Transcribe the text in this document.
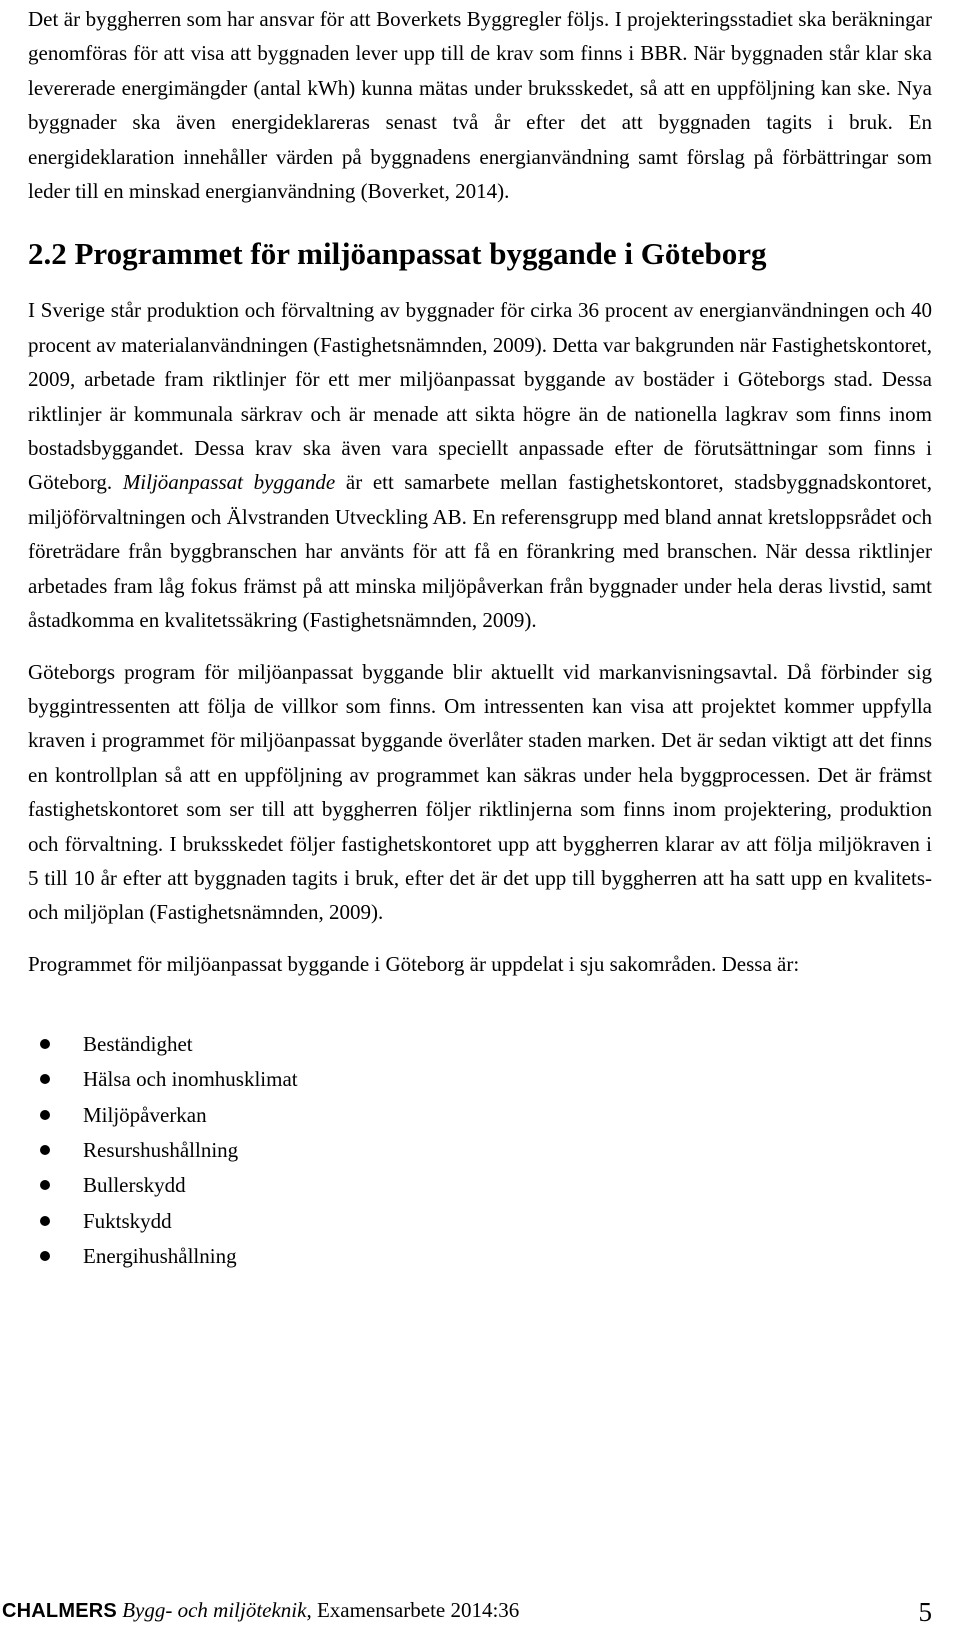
Det är byggherren som har ansvar för att Boverkets Byggregler följs. I projekteringsstadiet ska beräkningar genomföras för att visa att byggnaden lever upp till de krav som finns i BBR. När byggnaden står klar ska levererade energimängder (antal kWh) kunna mätas under bruksskedet, så att en uppföljning kan ske. Nya byggnader ska även energideklareras senast två år efter det att byggnaden tagits i bruk. En energideklaration innehåller värden på byggnadens energianvändning samt förslag på förbättringar som leder till en minskad energianvändning (Boverket, 2014).

2.2 Programmet för miljöanpassat byggande i Göteborg

I Sverige står produktion och förvaltning av byggnader för cirka 36 procent av energianvändningen och 40 procent av materialanvändningen (Fastighetsnämnden, 2009). Detta var bakgrunden när Fastighetskontoret, 2009, arbetade fram riktlinjer för ett mer miljöanpassat byggande av bostäder i Göteborgs stad. Dessa riktlinjer är kommunala särkrav och är menade att sikta högre än de nationella lagkrav som finns inom bostadsbyggandet. Dessa krav ska även vara speciellt anpassade efter de förutsättningar som finns i Göteborg. Miljöanpassat byggande är ett samarbete mellan fastighetskontoret, stadsbyggnadskontoret, miljöförvaltningen och Älvstranden Utveckling AB. En referensgrupp med bland annat kretsloppsrådet och företrädare från byggbranschen har använts för att få en förankring med branschen. När dessa riktlinjer arbetades fram låg fokus främst på att minska miljöpåverkan från byggnader under hela deras livstid, samt åstadkomma en kvalitetssäkring (Fastighetsnämnden, 2009).

Göteborgs program för miljöanpassat byggande blir aktuellt vid markanvisningsavtal. Då förbinder sig byggintressenten att följa de villkor som finns. Om intressenten kan visa att projektet kommer uppfylla kraven i programmet för miljöanpassat byggande överlåter staden marken. Det är sedan viktigt att det finns en kontrollplan så att en uppföljning av programmet kan säkras under hela byggprocessen. Det är främst fastighetskontoret som ser till att byggherren följer riktlinjerna som finns inom projektering, produktion och förvaltning. I bruksskedet följer fastighetskontoret upp att byggherren klarar av att följa miljökraven i 5 till 10 år efter att byggnaden tagits i bruk, efter det är det upp till byggherren att ha satt upp en kvalitets- och miljöplan (Fastighetsnämnden, 2009).

Programmet för miljöanpassat byggande i Göteborg är uppdelat i sju sakområden. Dessa är:

Beständighet
Hälsa och inomhusklimat
Miljöpåverkan
Resurshushållning
Bullerskydd
Fuktskydd
Energihushållning
CHALMERS Bygg- och miljöteknik, Examensarbete 2014:36	5
